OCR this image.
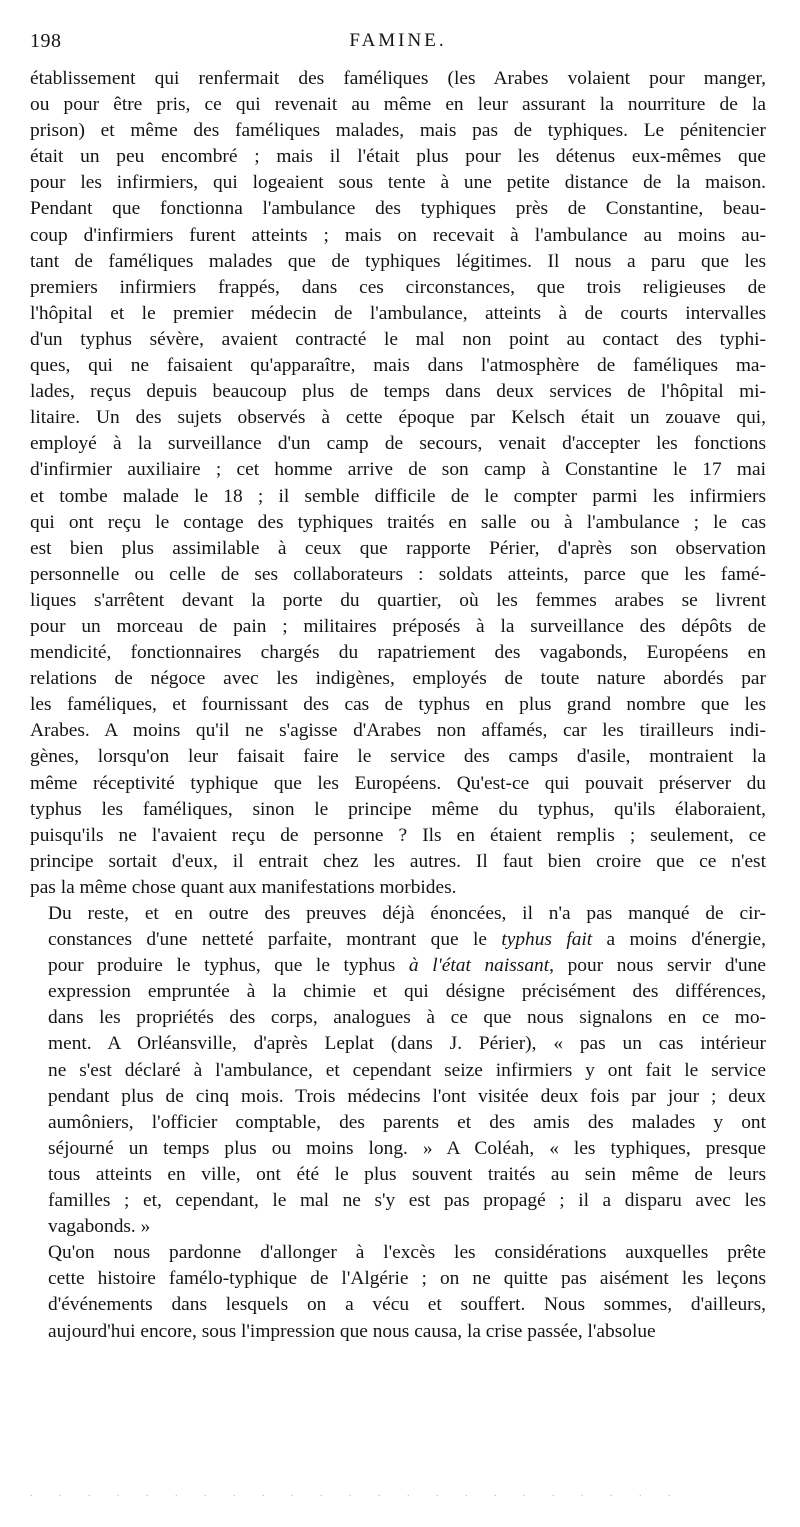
198	FAMINE.

établissement qui renfermait des faméliques (les Arabes volaient pour manger,
ou pour être pris, ce qui revenait au même en leur assurant la nourriture de la
prison) et même des faméliques malades, mais pas de typhiques. Le pénitencier
était un peu encombré ; mais il l'était plus pour les détenus eux-mêmes que
pour les infirmiers, qui logeaient sous tente à une petite distance de la maison.
Pendant que fonctionna l'ambulance des typhiques près de Constantine, beau-
coup d'infirmiers furent atteints ; mais on recevait à l'ambulance au moins au-
tant de faméliques malades que de typhiques légitimes. Il nous a paru que les
premiers infirmiers frappés, dans ces circonstances, que trois religieuses de
l'hôpital et le premier médecin de l'ambulance, atteints à de courts intervalles
d'un typhus sévère, avaient contracté le mal non point au contact des typhi-
ques, qui ne faisaient qu'apparaître, mais dans l'atmosphère de faméliques ma-
lades, reçus depuis beaucoup plus de temps dans deux services de l'hôpital mi-
litaire. Un des sujets observés à cette époque par Kelsch était un zouave qui,
employé à la surveillance d'un camp de secours, venait d'accepter les fonctions
d'infirmier auxiliaire ; cet homme arrive de son camp à Constantine le 17 mai
et tombe malade le 18 ; il semble difficile de le compter parmi les infirmiers
qui ont reçu le contage des typhiques traités en salle ou à l'ambulance ; le cas
est bien plus assimilable à ceux que rapporte Périer, d'après son observation
personnelle ou celle de ses collaborateurs : soldats atteints, parce que les famé-
liques s'arrêtent devant la porte du quartier, où les femmes arabes se livrent
pour un morceau de pain ; militaires préposés à la surveillance des dépôts de
mendicité, fonctionnaires chargés du rapatriement des vagabonds, Européens en
relations de négoce avec les indigènes, employés de toute nature abordés par
les faméliques, et fournissant des cas de typhus en plus grand nombre que les
Arabes. A moins qu'il ne s'agisse d'Arabes non affamés, car les tirailleurs indi-
gènes, lorsqu'on leur faisait faire le service des camps d'asile, montraient la
même réceptivité typhique que les Européens. Qu'est-ce qui pouvait préserver du
typhus les faméliques, sinon le principe même du typhus, qu'ils élaboraient,
puisqu'ils ne l'avaient reçu de personne ? Ils en étaient remplis ; seulement, ce
principe sortait d'eux, il entrait chez les autres. Il faut bien croire que ce n'est
pas la même chose quant aux manifestations morbides.

Du reste, et en outre des preuves déjà énoncées, il n'a pas manqué de cir-
constances d'une netteté parfaite, montrant que le typhus fait a moins d'énergie,
pour produire le typhus, que le typhus à l'état naissant, pour nous servir d'une
expression empruntée à la chimie et qui désigne précisément des différences,
dans les propriétés des corps, analogues à ce que nous signalons en ce mo-
ment. A Orléansville, d'après Leplat (dans J. Périer), « pas un cas intérieur
ne s'est déclaré à l'ambulance, et cependant seize infirmiers y ont fait le service
pendant plus de cinq mois. Trois médecins l'ont visitée deux fois par jour ; deux
aumôniers, l'officier comptable, des parents et des amis des malades y ont
séjourné un temps plus ou moins long. » A Coléah, « les typhiques, presque
tous atteints en ville, ont été le plus souvent traités au sein même de leurs
familles ; et, cependant, le mal ne s'y est pas propagé ; il a disparu avec les
vagabonds. »

Qu'on nous pardonne d'allonger à l'excès les considérations auxquelles prête
cette histoire famélo-typhique de l'Algérie ; on ne quitte pas aisément les leçons
d'événements dans lesquels on a vécu et souffert. Nous sommes, d'ailleurs,
aujourd'hui encore, sous l'impression que nous causa, la crise passée, l'absolue

. . . . . . . . . . . . . . . . . . . . . . .
